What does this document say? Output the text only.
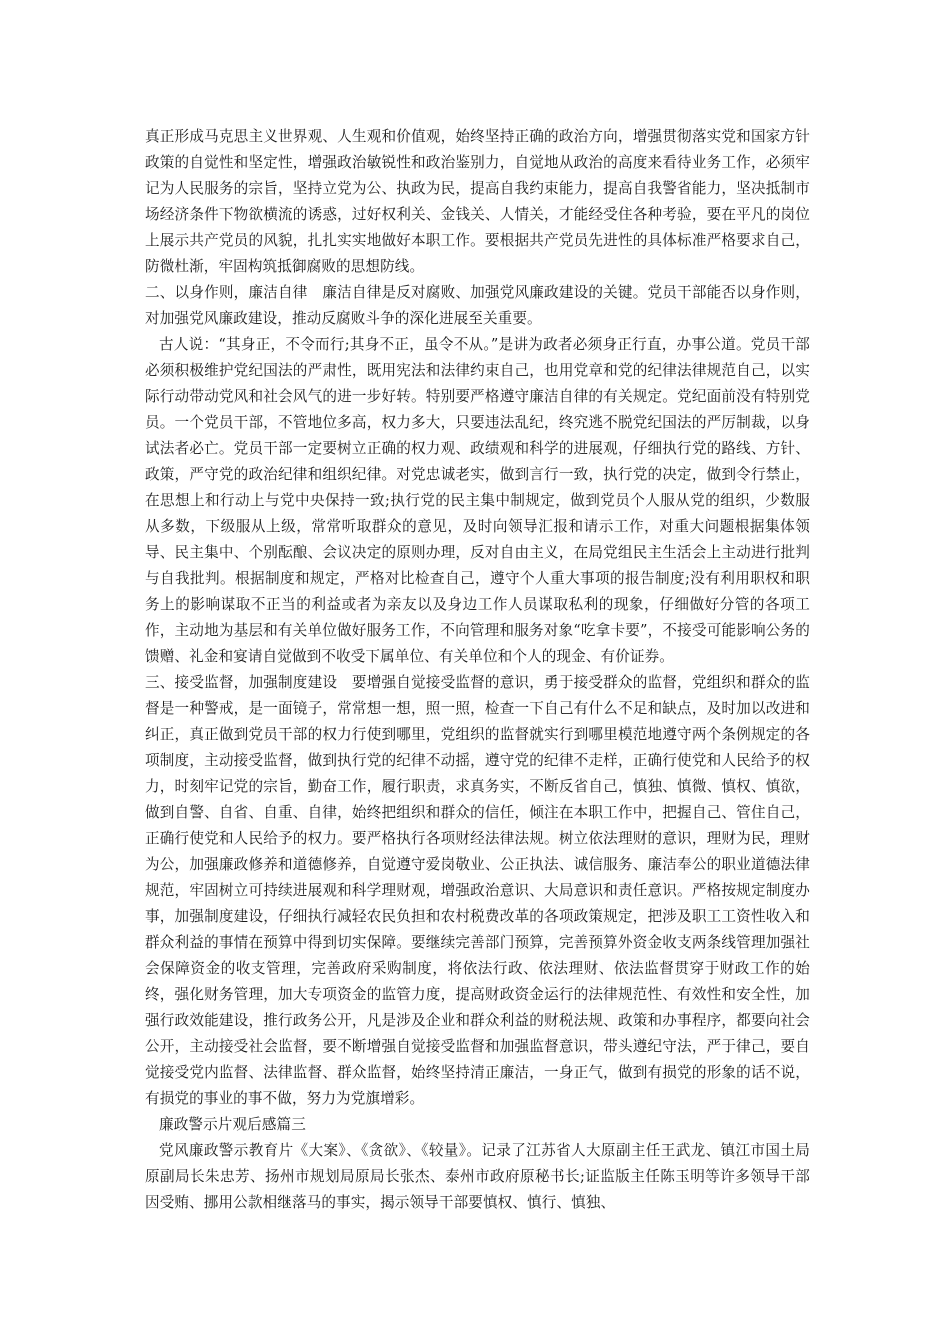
真正形成马克思主义世界观、人生观和价值观，始终坚持正确的政治方向，增强贯彻落实党和国家方针政策的自觉性和坚定性，增强政治敏锐性和政治鉴别力，自觉地从政治的高度来看待业务工作，必须牢记为人民服务的宗旨，坚持立党为公、执政为民，提高自我约束能力，提高自我警省能力，坚决抵制市场经济条件下物欲横流的诱惑，过好权利关、金钱关、人情关，才能经受住各种考验，要在平凡的岗位上展示共产党员的风貌，扎扎实实地做好本职工作。要根据共产党员先进性的具体标准严格要求自己，防微杜渐，牢固构筑抵御腐败的思想防线。

二、以身作则，廉洁自律　廉洁自律是反对腐败、加强党风廉政建设的关键。党员干部能否以身作则，对加强党风廉政建设，推动反腐败斗争的深化进展至关重要。

古人说：“其身正，不令而行;其身不正，虽令不从。”是讲为政者必须身正行直，办事公道。党员干部必须积极维护党纪国法的严肃性，既用宪法和法律约束自己，也用党章和党的纪律法律规范自己，以实际行动带动党风和社会风气的进一步好转。特别要严格遵守廉洁自律的有关规定。党纪面前没有特别党员。一个党员干部，不管地位多高，权力多大，只要违法乱纪，终究逃不脱党纪国法的严厉制裁，以身试法者必亡。党员干部一定要树立正确的权力观、政绩观和科学的进展观，仔细执行党的路线、方针、政策，严守党的政治纪律和组织纪律。对党忠诚老实，做到言行一致，执行党的决定，做到令行禁止，在思想上和行动上与党中央保持一致;执行党的民主集中制规定，做到党员个人服从党的组织，少数服从多数，下级服从上级，常常听取群众的意见，及时向领导汇报和请示工作，对重大问题根据集体领导、民主集中、个别酝酿、会议决定的原则办理，反对自由主义，在局党组民主生活会上主动进行批判与自我批判。根据制度和规定，严格对比检查自己，遵守个人重大事项的报告制度;没有利用职权和职务上的影响谋取不正当的利益或者为亲友以及身边工作人员谋取私利的现象，仔细做好分管的各项工作，主动地为基层和有关单位做好服务工作，不向管理和服务对象“吃拿卡要”，不接受可能影响公务的馈赠、礼金和宴请自觉做到不收受下属单位、有关单位和个人的现金、有价证券。

三、接受监督，加强制度建设　要增强自觉接受监督的意识，勇于接受群众的监督，党组织和群众的监督是一种警戒，是一面镜子，常常想一想，照一照，检查一下自己有什么不足和缺点，及时加以改进和纠正，真正做到党员干部的权力行使到哪里，党组织的监督就实行到哪里模范地遵守两个条例规定的各项制度，主动接受监督，做到执行党的纪律不动摇，遵守党的纪律不走样，正确行使党和人民给予的权力，时刻牢记党的宗旨，勤奋工作，履行职责，求真务实，不断反省自己，慎独、慎微、慎权、慎欲，做到自警、自省、自重、自律，始终把组织和群众的信任，倾注在本职工作中，把握自己、管住自己，正确行使党和人民给予的权力。要严格执行各项财经法律法规。树立依法理财的意识，理财为民，理财为公，加强廉政修养和道德修养，自觉遵守爱岗敬业、公正执法、诚信服务、廉洁奉公的职业道德法律规范，牢固树立可持续进展观和科学理财观，增强政治意识、大局意识和责任意识。严格按规定制度办事，加强制度建设，仔细执行减轻农民负担和农村税费改革的各项政策规定，把涉及职工工资性收入和群众利益的事情在预算中得到切实保障。要继续完善部门预算，完善预算外资金收支两条线管理加强社会保障资金的收支管理，完善政府采购制度，将依法行政、依法理财、依法监督贯穿于财政工作的始终，强化财务管理，加大专项资金的监管力度，提高财政资金运行的法律规范性、有效性和安全性，加强行政效能建设，推行政务公开，凡是涉及企业和群众利益的财税法规、政策和办事程序，都要向社会公开，主动接受社会监督，要不断增强自觉接受监督和加强监督意识，带头遵纪守法，严于律己，要自觉接受党内监督、法律监督、群众监督，始终坚持清正廉洁，一身正气，做到有损党的形象的话不说，有损党的事业的事不做，努力为党旗增彩。

廉政警示片观后感篇三

党风廉政警示教育片《大案》、《贪欲》、《较量》。记录了江苏省人大原副主任王武龙、镇江市国土局原副局长朱忠芳、扬州市规划局原局长张杰、泰州市政府原秘书长;证监版主任陈玉明等许多领导干部因受贿、挪用公款相继落马的事实，揭示领导干部要慎权、慎行、慎独、
